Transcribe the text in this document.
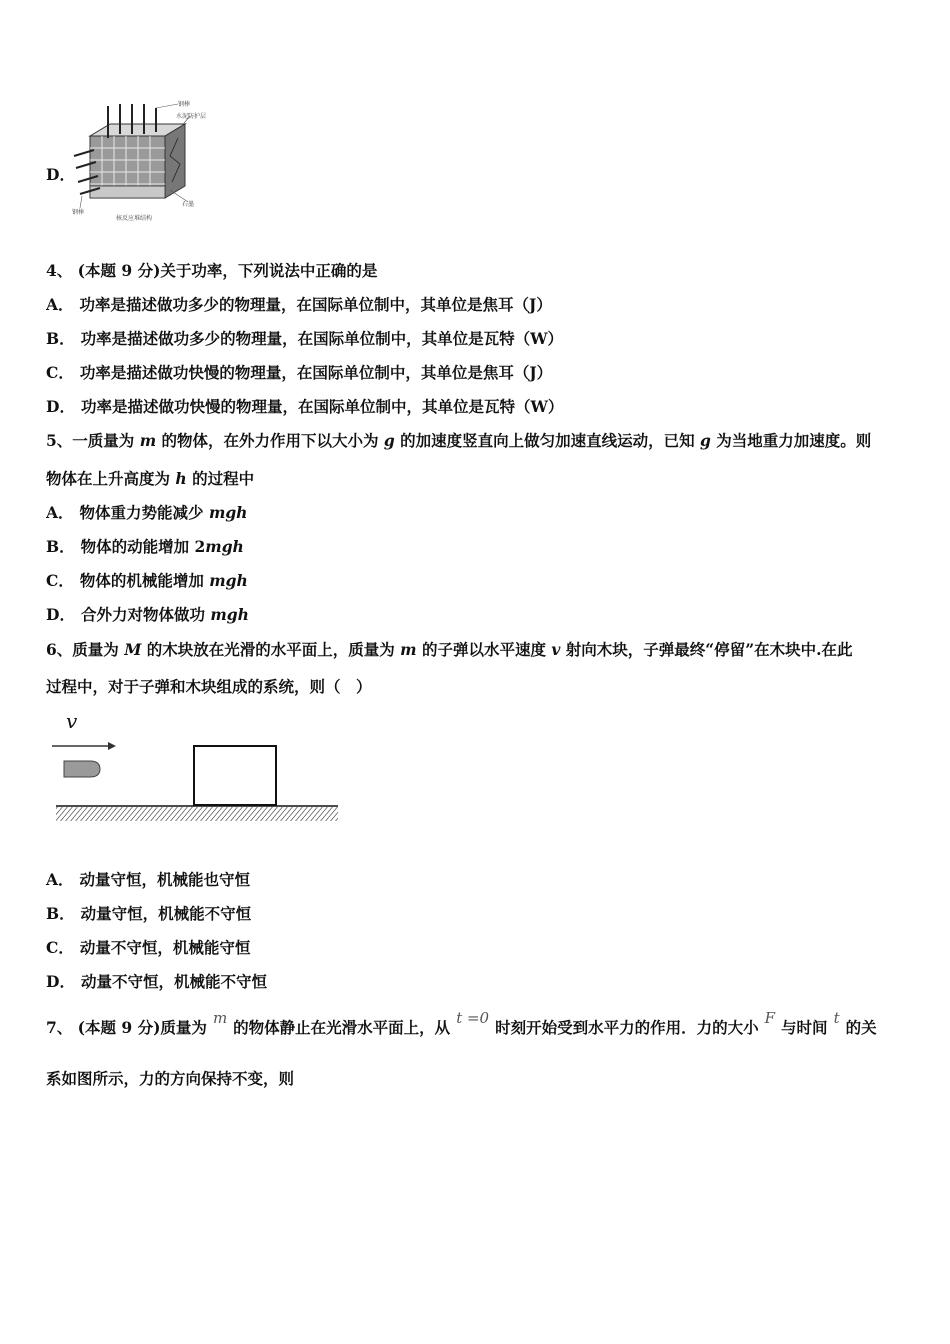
D．
钢棒
水泥防护层
石墨
钢棒
核反应堆结构
4、 (本题 9 分)关于功率，下列说法中正确的是
A． 功率是描述做功多少的物理量，在国际单位制中，其单位是焦耳（J）
B． 功率是描述做功多少的物理量，在国际单位制中，其单位是瓦特（W）
C． 功率是描述做功快慢的物理量，在国际单位制中，其单位是焦耳（J）
D． 功率是描述做功快慢的物理量，在国际单位制中，其单位是瓦特（W）
5、一质量为 m 的物体，在外力作用下以大小为 g 的加速度竖直向上做匀加速直线运动，已知 g 为当地重力加速度。则
物体在上升高度为 h 的过程中
A． 物体重力势能减少 mgh
B． 物体的动能增加 2mgh
C． 物体的机械能增加 mgh
D． 合外力对物体做功 mgh
6、质量为 M 的木块放在光滑的水平面上，质量为 m 的子弹以水平速度 v 射向木块，子弹最终“停留”在木块中.在此
过程中，对于子弹和木块组成的系统，则（　）
v
A． 动量守恒，机械能也守恒
B． 动量守恒，机械能不守恒
C． 动量不守恒，机械能守恒
D． 动量不守恒，机械能不守恒
7、 (本题 9 分)质量为 m 的物体静止在光滑水平面上，从 t =0 时刻开始受到水平力的作用．力的大小 F 与时间 t 的关
系如图所示，力的方向保持不变，则
